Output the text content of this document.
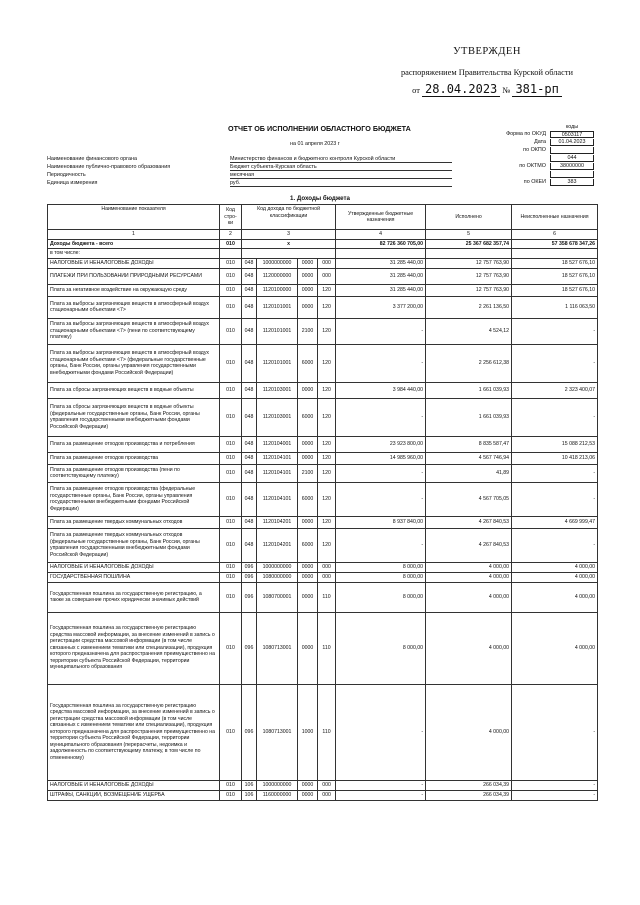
УТВЕРЖДЕН
распоряжением Правительства Курской области
от 28.04.2023 № 381-рп
ОТЧЕТ ОБ ИСПОЛНЕНИИ ОБЛАСТНОГО БЮДЖЕТА
на 01 апреля 2023 г
коды
Форма по ОКУД	0503117
Дата	01.04.2023
по ОКПО
044
по ОКТМО	38000000
по ОКЕИ	383
Наименование финансового органа	Министерство финансов и бюджетного контроля Курской области
Наименование публично-правового образования	Бюджет субъекта-Курская область
Периодичность	месячная
Единица измерения	руб.
1. Доходы бюджета
Наименование показателя	Код стро-ки	Код дохода по бюджетной классификации				Утвержденные бюджетные назначения	Исполнено	Неисполненные назначения
1	2	3				4	5	6
Доходы бюджета - всего	010	x				82 726 360 705,00	25 367 682 357,74	57 358 678 347,26
в том числе:								
НАЛОГОВЫЕ И НЕНАЛОГОВЫЕ ДОХОДЫ	010	048	1000000000	0000	000	31 285 440,00	12 757 763,90	18 527 676,10
ПЛАТЕЖИ ПРИ ПОЛЬЗОВАНИИ ПРИРОДНЫМИ РЕСУРСАМИ	010	048	1120000000	0000	000	31 285 440,00	12 757 763,90	18 527 676,10
Плата за негативное воздействие на окружающую среду	010	048	1120100000	0000	120	31 285 440,00	12 757 763,90	18 527 676,10
Плата за выбросы загрязняющих веществ в атмосферный воздух стационарными объектами <7>	010	048	1120101001	0000	120	3 377 200,00	2 261 136,50	1 116 063,50
Плата за выбросы загрязняющих веществ в атмосферный воздух стационарными объектами <7> (пени по соответствующему платежу)	010	048	1120101001	2100	120	-	4 524,12	-
Плата за выбросы загрязняющих веществ в атмосферный воздух стационарными объектами <7> (федеральные государственные органы, Банк России, органы управления государственными внебюджетными фондами Российской Федерации)	010	048	1120101001	6000	120	-	2 256 612,38	-
Плата за сбросы загрязняющих веществ в водные объекты	010	048	1120103001	0000	120	3 984 440,00	1 661 039,93	2 323 400,07
Плата за сбросы загрязняющих веществ в водные объекты (федеральные государственные органы, Банк России, органы управления государственными внебюджетными фондами Российской Федерации)	010	048	1120103001	6000	120	-	1 661 039,93	-
Плата за размещение отходов производства и потребления	010	048	1120104001	0000	120	23 923 800,00	8 835 587,47	15 088 212,53
Плата за размещение отходов производства	010	048	1120104101	0000	120	14 985 960,00	4 567 746,94	10 418 213,06
Плата за размещение отходов производства (пени по соответствующему платежу)	010	048	1120104101	2100	120	-	41,89	-
Плата за размещение отходов производства (федеральные государственные органы, Банк России, органы управления государственными внебюджетными фондами Российской Федерации)	010	048	1120104101	6000	120	-	4 567 705,05	-
Плата за размещение твердых коммунальных отходов	010	048	1120104201	0000	120	8 937 840,00	4 267 840,53	4 669 999,47
Плата за размещение твердых коммунальных отходов (федеральные государственные органы, Банк России, органы управления государственными внебюджетными фондами Российской Федерации)	010	048	1120104201	6000	120	-	4 267 840,53	-
НАЛОГОВЫЕ И НЕНАЛОГОВЫЕ ДОХОДЫ	010	096	1000000000	0000	000	8 000,00	4 000,00	4 000,00
ГОСУДАРСТВЕННАЯ ПОШЛИНА	010	096	1080000000	0000	000	8 000,00	4 000,00	4 000,00
Государственная пошлина за государственную регистрацию, а также за совершение прочих юридически значимых действий	010	096	1080700001	0000	110	8 000,00	4 000,00	4 000,00
Государственная пошлина за государственную регистрацию средства массовой информации, за внесение изменений в запись о регистрации средства массовой информации (в том числе связанных с изменением тематики или специализации), продукция которого предназначена для распространения преимущественно на территории субъекта Российской Федерации, территории муниципального образования	010	096	1080713001	0000	110	8 000,00	4 000,00	4 000,00
Государственная пошлина за государственную регистрацию средства массовой информации, за внесение изменений в запись о регистрации средства массовой информации (в том числе связанных с изменением тематики или специализации), продукция которого предназначена для распространения преимущественно на территории субъекта Российской Федерации, территории муниципального образования (перерасчеты, недоимка и задолженность по соответствующему платежу, в том числе по отмененному)	010	096	1080713001	1000	110	-	4 000,00	-
НАЛОГОВЫЕ И НЕНАЛОГОВЫЕ ДОХОДЫ	010	106	1000000000	0000	000	-	266 034,39	-
ШТРАФЫ, САНКЦИИ, ВОЗМЕЩЕНИЕ УЩЕРБА	010	106	1160000000	0000	000	-	266 034,39	-
